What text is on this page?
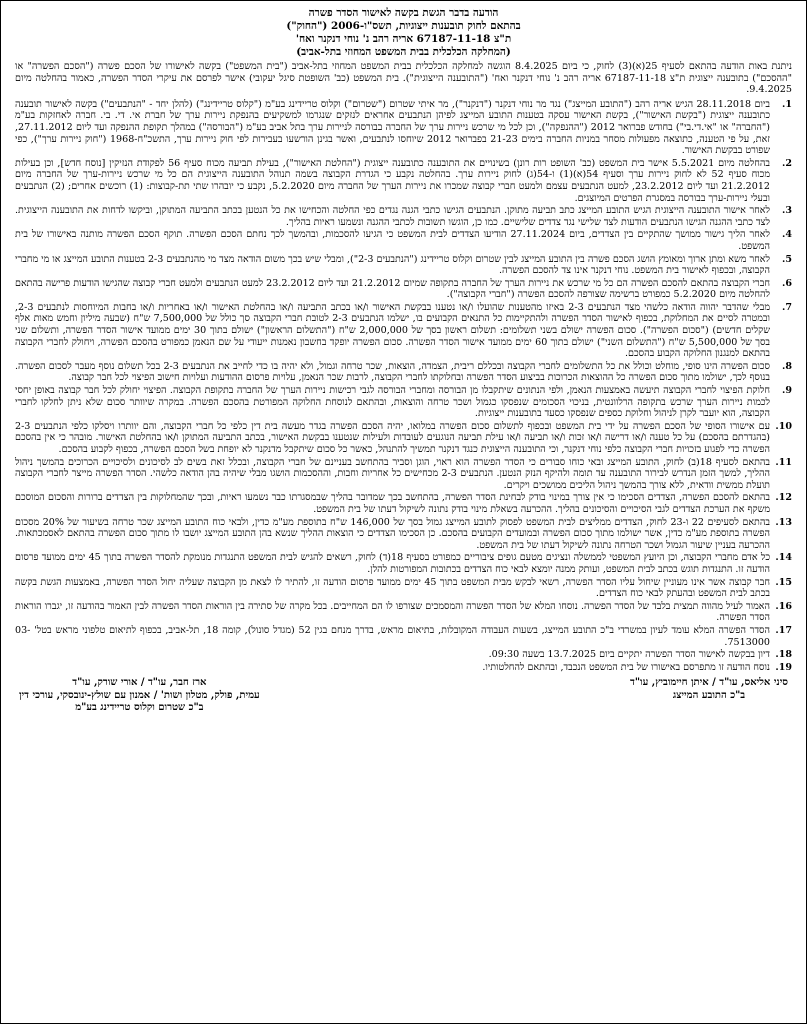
הודעה בדבר הגשת בקשה לאישור הסדר פשרה
בהתאם לחוק תובענות ייצוגיות, תשס"ו-2006 ("החוק")
ת"צ 67187-11-18 אריה רהב נ' נוחי דנקנר ואח'
(המחלקה הכלכלית בבית המשפט המחוזי בתל-אביב)
ניתנת באות הודעה בהתאם לסעיף 25(א)(3) לחוק, כי ביום 8.4.2025 הוגשה למחלקה הכלכלית בבית המשפט המחוזי בתל-אביב ("בית המשפט") בקשה לאישורו של הסכם פשרה ("הסכם הפשרה" או "ההסכם") בתובענה ייצוגית ת"צ 67187-11-18 אריה רהב נ' נוחי דנקנר ואח' ("התובענה הייצוגית"). בית המשפט (כב' השופטת סיגל יעקובי) אישר לפרסם את עיקרי הסדר הפשרה, כאמור בהחלטה מיום 9.4.2025.
1.
ביום 28.11.2018 הגיש אריה רהב ("התובע המייצג") נגד מר נוחי דנקנר ("דנקנר"), מר איתי שטרום ("שטרום") וקלוס טריידינג בע"מ ("קלוס טריידינג") (להלן יחד - "הנתבעים") בקשה לאישור תובענה כתובענה ייצוגית ("בקשת האישור"), בקשת האישור עסקה בטענות התובע המייצג לפיהן הנתבעים אחראים לנזקים שנגרמו למשקיעים בהנפקת ניירות ערך של חברת אי. די. בי. חברה לאחזקות בע"מ ("החברה" או "אי.די.בי") בחודש פברואר 2012 ("ההנפקה"), וכן לכל מי שרכש ניירות ערך של החברה בבורסה לניירות ערך בתל אביב בע"מ ("הבורסה") במהלך תקופת ההנפקה ועד ליום 27.11.2012, זאת, על פי הטענה, כתוצאה מפעולות מסחר במניות החברה בימים 21-23 בפברואר 2012 שיוחסו לנתבעים, ואשר בגינן הורשעו בעבירות לפי חוק ניירות ערך, התשכ"ח-1968 ("חוק ניירות ערך"), כפי שפורט בבקשת האישור.
2.
בהחלטה מיום 5.5.2021 אישר בית המשפט (כב' השופט רות רונן) בשינויים את התובענה כתובענה ייצוגית ("החלטת האישור"), בעילת תביעה מכוח סעיף 56 לפקודת הנזיקין [נוסח חדש], וכן בעילות מכוח סעיף 52 לא לחוק ניירות ערך וסעיף 54(א)(1) ו-54(ג) לחוק ניירות ערך. בהחלטה נקבע כי הגדרת הקבוצה בשמה תנוהל התובענה הייצוגית הם כל מי שרכש ניירות-ערך של החברה מיום 21.2.2012 ועד ליום 23.2.2012, למעט הנתבעים עצמם ולמעט חברי קבוצה שמכרו את ניירות הערך של החברה מיום 5.2.2020, נקבע כי יובהרו שתי תת-קבוצות: (1) רוכשים אחרים; (2) הנתבעים ובעלי ניירות-ערך בבורסה במסגרת הפרטים המיוצגים.
3.
לאחר אישור התובענה הייצוגית הגיש התובע המייצג כתב תביעה מתוקן. הנתבעים הגישו כתבי הגנה נגדים כפי החלטה והכחישו את כל הנטען בכתב התביעה המתוקן, וביקשו לדחות את התובענה הייצוגית. לצד כתבי ההגנה הגישו הנתבעים הודעות לצד שלישי נגד צדדים שלישיים. כמו כן, הוגשו תשובות לכתבי ההגנה ונשמעו ראיות בהליך.
4.
לאחר הליך גישור ממושך שהתקיים בין הצדדים, ביום 27.11.2024 הודיעו הצדדים לבית המשפט כי הגיעו להסכמות, ובהמשך לכך נחתם הסכם הפשרה. תוקף הסכם הפשרה מותנה באישורו של בית המשפט.
5.
לאחר משא ומתן ארוך ומאומץ הושג הסכם פשרה בין התובע המייצג לבין שטרום וקלוס טריידינג ("הנתבעים 2-3"), ומבלי שיש בכך משום הודאה מצד מי מהנתבעים 2-3 בטענות התובע המייצג או מי מחברי הקבוצה, ובכפוף לאישור בית המשפט. נוחי דנקנר אינו צד להסכם הפשרה.
6.
חברי הקבוצה בהתאם להסכם הפשרה הם כל מי שרכש את ניירות הערך של החברה בתקופה שמיום 21.2.2012 ועד ליום 23.2.2012 למעט הנתבעים ולמעט חברי קבוצה שהגישו הודעות פרישה בהתאם להחלטה מיום 5.2.2020 כמפורט ברשימה שצורפה להסכם הפשרה ("חברי הקבוצה").
7.
מבלי שהדבר יהווה הודאה כלשהי מצד הנתבעים 2-3 באיזו מהטענות שהועלו ו/או נטענו בבקשת האישור ו/או בכתב התביעה ו/או בהחלטת האישור ו/או באחריות ו/או בחבות המיוחסות לנתבעים 2-3, ובמטרה לסיים את המחלוקת, בכפוף לאישור הסדר הפשרה ולהתקיימות כל התנאים הקבועים בו, ישלמו הנתבעים 2-3 לטובת חברי הקבוצה סך כולל של 7,500,000 ש"ח (שבעה מיליון וחמש מאות אלף שקלים חדשים) ("סכום הפשרה"). סכום הפשרה ישולם בשני תשלומים: תשלום ראשון בסך של 2,000,000 ש"ח ("התשלום הראשון") ישולם בתוך 30 ימים ממועד אישור הסדר הפשרה, ותשלום שני בסך של 5,500,000 ש"ח ("התשלום השני") ישולם בתוך 60 ימים ממועד אישור הסדר הפשרה. סכום הפשרה יופקד בחשבון נאמנות ייעודי על שם הנאמן כמפורט בהסכם הפשרה, ויחולק לחברי הקבוצה בהתאם למנגנון החלוקה הקבוע בהסכם.
8.
סכום הפשרה הינו סופי, מוחלט וכולל את כל התשלומים לחברי הקבוצה ובכללם ריבית, הצמדה, הוצאות, שכר טרחה וגמול, ולא יהיה בו כדי לחייב את הנתבעים 2-3 בכל תשלום נוסף מעבר לסכום הפשרה. בנוסף לכך, ישולמו מתוך סכום הפשרה כל ההוצאות הכרוכות בביצוע הסדר הפשרה ובחלוקתו לחברי הקבוצה, לרבות שכר הנאמן, עלויות פרסום ההודעות ועלויות חישוב הפיצוי לכל חבר קבוצה.
9.
חלוקת הפיצוי לחברי הקבוצה תיעשה באמצעות הנאמן, ולפי הנתונים שיתקבלו מן הבורסה ומחברי הבורסה לגבי רכישות ניירות הערך של החברה בתקופת הקבוצה. הפיצוי יחולק לכל חבר קבוצה באופן יחסי לכמות ניירות הערך שרכש בתקופה הרלוונטית, בניכוי הסכומים שנפסקו כגמול ושכר טרחה והוצאות, ובהתאם לנוסחת החלוקה המפורטת בהסכם הפשרה. במקרה שיוותר סכום שלא ניתן לחלקו לחברי הקבוצה, הוא יועבר לקרן לניהול וחלוקת כספים שנפסקו כסעד בתובענות ייצוגיות.
10.
עם אישורו הסופי של הסכם הפשרה על ידי בית המשפט ובכפוף לתשלום סכום הפשרה במלואו, יהיה הסכם הפשרה בגדר מעשה בית דין כלפי כל חברי הקבוצה, והם יוותרו ויסלקו כלפי הנתבעים 2-3 (בהגדרתם בהסכם) על כל טענה ו/או דרישה ו/או זכות ו/או תביעה ו/או עילת תביעה הנוגעים לעובדות ולעילות שנטענו בבקשת האישור, בכתב התביעה המתוקן ו/או בהחלטת האישור. מובהר כי אין בהסכם הפשרה כדי לפגוע בזכויות חברי הקבוצה כלפי נוחי דנקנר, וכי התובענה הייצוגית כנגד דנקנר תמשיך להתנהל, כאשר כל סכום שיתקבל מדנקנר לא יופחת בשל הסכם הפשרה, בכפוף לקבוע בהסכם.
11.
בהתאם לסעיף 18(ב) לחוק, התובע המייצג ובאי כוחו סבורים כי הסדר הפשרה הוא ראוי, הוגן וסביר בהתחשב בעניינם של חברי הקבוצה, ובכלל זאת בשים לב לסיכונים ולסיכויים הכרוכים בהמשך ניהול ההליך, למשך הזמן הנדרש לבירור התובענה עד תומה ולהיקף הנזק הנטען. הנתבעים 2-3 מכחישים כל אחריות וחבות, וההסכמות הושגו מבלי שיהיה בהן הודאה כלשהי. הסדר הפשרה מייצר לחברי הקבוצה תועלת ממשית וודאית, ללא צורך בהמשך ניהול הליכים ממושכים ויקרים.
12.
בהתאם להסכם הפשרה, הצדדים הסכימו כי אין צורך במינוי בודק לבחינת הסדר הפשרה, בהתחשב בכך שמדובר בהליך שבמסגרתו כבר נשמעו ראיות, ובכך שהמחלוקות בין הצדדים ברורות והסכום המוסכם משקף את הערכת הצדדים לגבי הסיכויים והסיכונים בהליך. ההכרעה בשאלת מינוי בודק נתונה לשיקול דעתו של בית המשפט.
13.
בהתאם לסעיפים 22 ו-23 לחוק, הצדדים ממליצים לבית המשפט לפסוק לתובע המייצג גמול בסך של 146,000 ש"ח בתוספת מע"מ כדין, ולבאי כוח התובע המייצג שכר טרחה בשיעור של 20% מסכום הפשרה בתוספת מע"מ כדין, אשר ישולמו מתוך סכום הפשרה ובמועדים הקבועים בהסכם. כן הסכימו הצדדים כי הוצאות ההליך שנשא בהן התובע המייצג יושבו לו מתוך סכום הפשרה בהתאם לאסמכתאות. ההכרעה בעניין שיעור הגמול ושכר הטרחה נתונה לשיקול דעתו של בית המשפט.
14.
כל אדם מחברי הקבוצה, וכן היועץ המשפטי לממשלה ונציגים מטעם גופים ציבוריים כמפורט בסעיף 18(ד) לחוק, רשאים להגיש לבית המשפט התנגדות מנומקת להסדר הפשרה בתוך 45 ימים ממועד פרסום הודעה זו. התנגדות תוגש בכתב לבית המשפט, ועותק ממנה יומצא לבאי כוח הצדדים בכתובות המפורטות להלן.
15.
חבר קבוצה אשר אינו מעוניין שיחול עליו הסדר הפשרה, רשאי לבקש מבית המשפט בתוך 45 ימים ממועד פרסום הודעה זו, להתיר לו לצאת מן הקבוצה שעליה יחול הסדר הפשרה, באמצעות הגשת בקשה בכתב לבית המשפט ובהעתק לבאי כוח הצדדים.
16.
האמור לעיל מהווה תמצית בלבד של הסדר הפשרה. נוסחו המלא של הסדר הפשרה והמסמכים שצורפו לו הם המחייבים. בכל מקרה של סתירה בין הוראות הסדר הפשרה לבין האמור בהודעה זו, יגברו הוראות הסדר הפשרה.
17.
הסדר הפשרה המלא עומד לעיון במשרדי ב"כ התובע המייצג, בשעות העבודה המקובלות, בתיאום מראש, בדרך מנחם בגין 52 (מגדל סונול), קומה 18, תל-אביב, בכפוף לתיאום טלפוני מראש בטל' 03-7513000.
18.
דיון בבקשה לאישור הסדר הפשרה יתקיים ביום 13.7.2025 בשעה 09:30.
19.
נוסח הודעה זו מתפרסם באישורו של בית המשפט הנכבד, ובהתאם להחלטותיו.
סיני אליאס, עו"ד / איתן חיימוביץ, עו"ד
ב"כ התובע המייצג
ארז חבר, עו"ד / אורי שורק, עו"ד
עמית, פולק, מטלון ושות' / אמנון עם שולץ-ינובסקי, עורכי דין
ב"כ שטרום וקלוס טריידינג בע"מ
